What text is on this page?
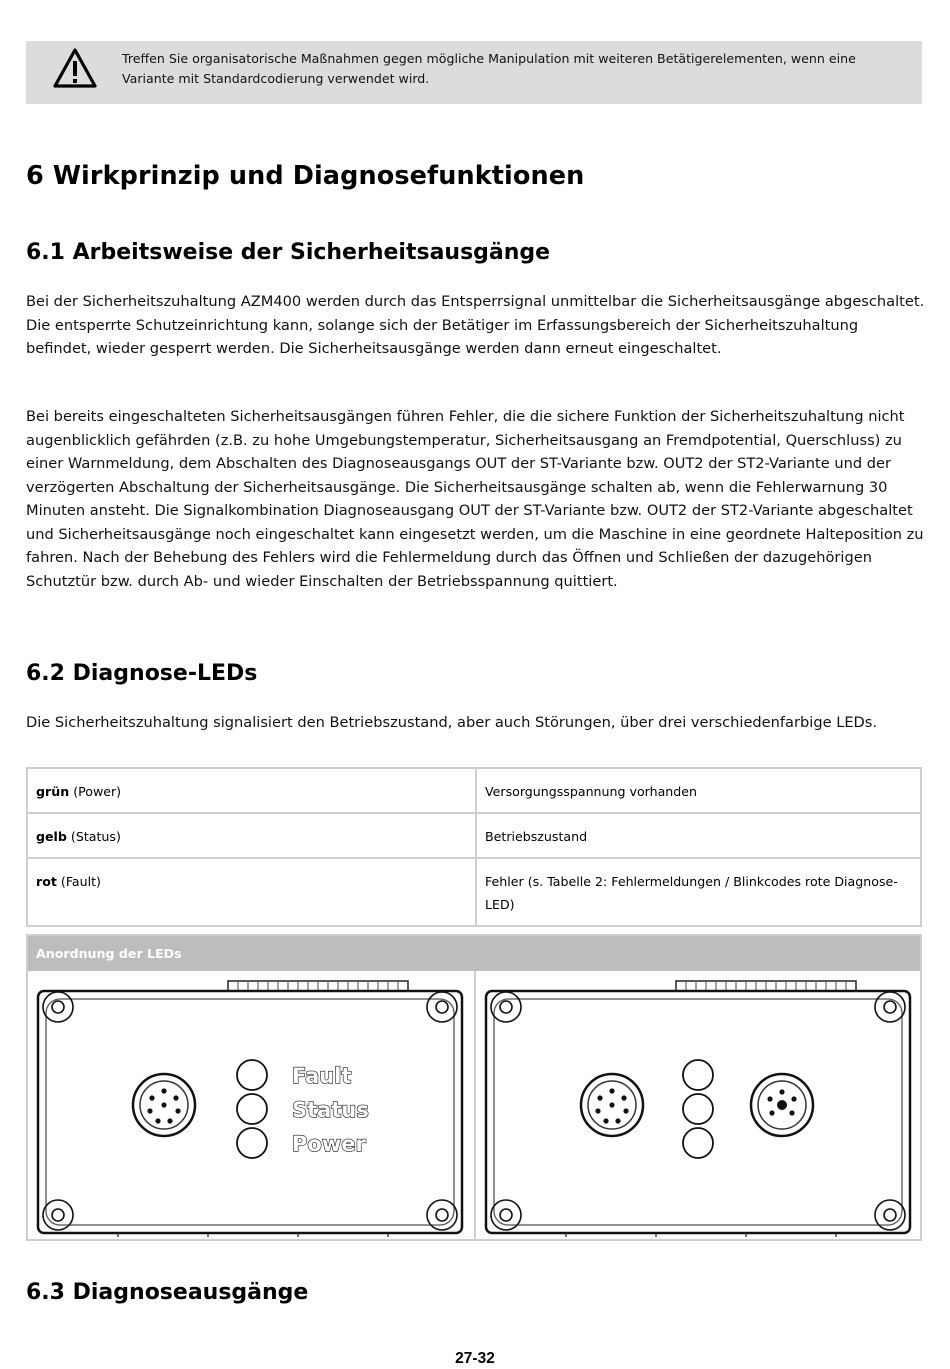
Treffen Sie organisatorische Maßnahmen gegen mögliche Manipulation mit weiteren Betätigerelementen, wenn eine Variante mit Standardcodierung verwendet wird.
6 Wirkprinzip und Diagnosefunktionen
6.1 Arbeitsweise der Sicherheitsausgänge

Bei der Sicherheitszuhaltung AZM400 werden durch das Entsperrsignal unmittelbar die Sicherheitsausgänge abgeschaltet. Die entsperrte Schutzeinrichtung kann, solange sich der Betätiger im Erfassungsbereich der Sicherheitszuhaltung befindet, wieder gesperrt werden. Die Sicherheitsausgänge werden dann erneut eingeschaltet.

Bei bereits eingeschalteten Sicherheitsausgängen führen Fehler, die die sichere Funktion der Sicherheitszuhaltung nicht augenblicklich gefährden (z.B. zu hohe Umgebungstemperatur, Sicherheitsausgang an Fremdpotential, Querschluss) zu einer Warnmeldung, dem Abschalten des Diagnoseausgangs OUT der ST-Variante bzw. OUT2 der ST2-Variante und der verzögerten Abschaltung der Sicherheitsausgänge. Die Sicherheitsausgänge schalten ab, wenn die Fehlerwarnung 30 Minuten ansteht. Die Signalkombination Diagnoseausgang OUT der ST-Variante bzw. OUT2 der ST2-Variante abgeschaltet und Sicherheitsausgänge noch eingeschaltet kann eingesetzt werden, um die Maschine in eine geordnete Halteposition zu fahren. Nach der Behebung des Fehlers wird die Fehlermeldung durch das Öffnen und Schließen der dazugehörigen Schutztür bzw. durch Ab- und wieder Einschalten der Betriebsspannung quittiert.

6.2 Diagnose-LEDs

Die Sicherheitszuhaltung signalisiert den Betriebszustand, aber auch Störungen, über drei verschiedenfarbige LEDs.

grün (Power)	Versorgungsspannung vorhanden
gelb (Status)	Betriebszustand
rot (Fault)	Fehler (s. Tabelle 2: Fehlermeldungen / Blinkcodes rote Diagnose-LED)
Anordnung der LEDs
Fault
Status
Power
6.3 Diagnoseausgänge
27-32
